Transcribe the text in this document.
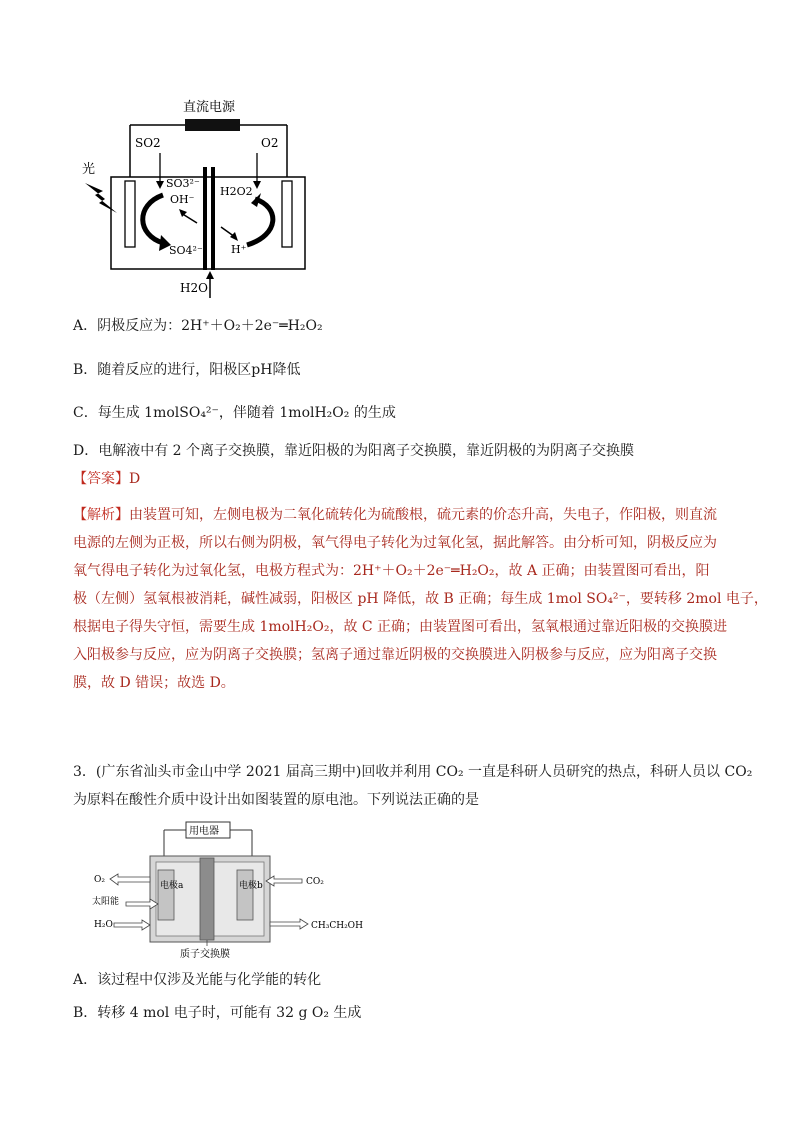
直流电源
SO2	O2
光
SO3²⁻
OH⁻
SO4²⁻
H2O2
H⁺
H2O
A．阴极反应为：2H⁺＋O₂＋2e⁻═H₂O₂
B．随着反应的进行，阳极区pH降低
C．每生成 1molSO₄²⁻，伴随着 1molH₂O₂ 的生成
D．电解液中有 2 个离子交换膜，靠近阳极的为阳离子交换膜，靠近阴极的为阴离子交换膜
【答案】D
【解析】由装置可知，左侧电极为二氧化硫转化为硫酸根，硫元素的价态升高，失电子，作阳极，则直流
电源的左侧为正极，所以右侧为阴极，氧气得电子转化为过氧化氢，据此解答。由分析可知，阴极反应为
氧气得电子转化为过氧化氢，电极方程式为：2H⁺＋O₂＋2e⁻═H₂O₂，故 A 正确；由装置图可看出，阳
极（左侧）氢氧根被消耗，碱性减弱，阳极区 pH 降低，故 B 正确；每生成 1mol SO₄²⁻，要转移 2mol 电子，
根据电子得失守恒，需要生成 1molH₂O₂，故 C 正确；由装置图可看出，氢氧根通过靠近阳极的交换膜进
入阳极参与反应，应为阴离子交换膜；氢离子通过靠近阴极的交换膜进入阴极参与反应，应为阳离子交换
膜，故 D 错误；故选 D。
3．(广东省汕头市金山中学 2021 届高三期中)回收并利用 CO₂ 一直是科研人员研究的热点，科研人员以 CO₂
为原料在酸性介质中设计出如图装置的原电池。下列说法正确的是
用电器
电极a	电极b
O₂
太阳能
H₂O
CO₂
CH₃CH₂OH
质子交换膜
A．该过程中仅涉及光能与化学能的转化
B．转移 4 mol 电子时，可能有 32 g O₂ 生成
